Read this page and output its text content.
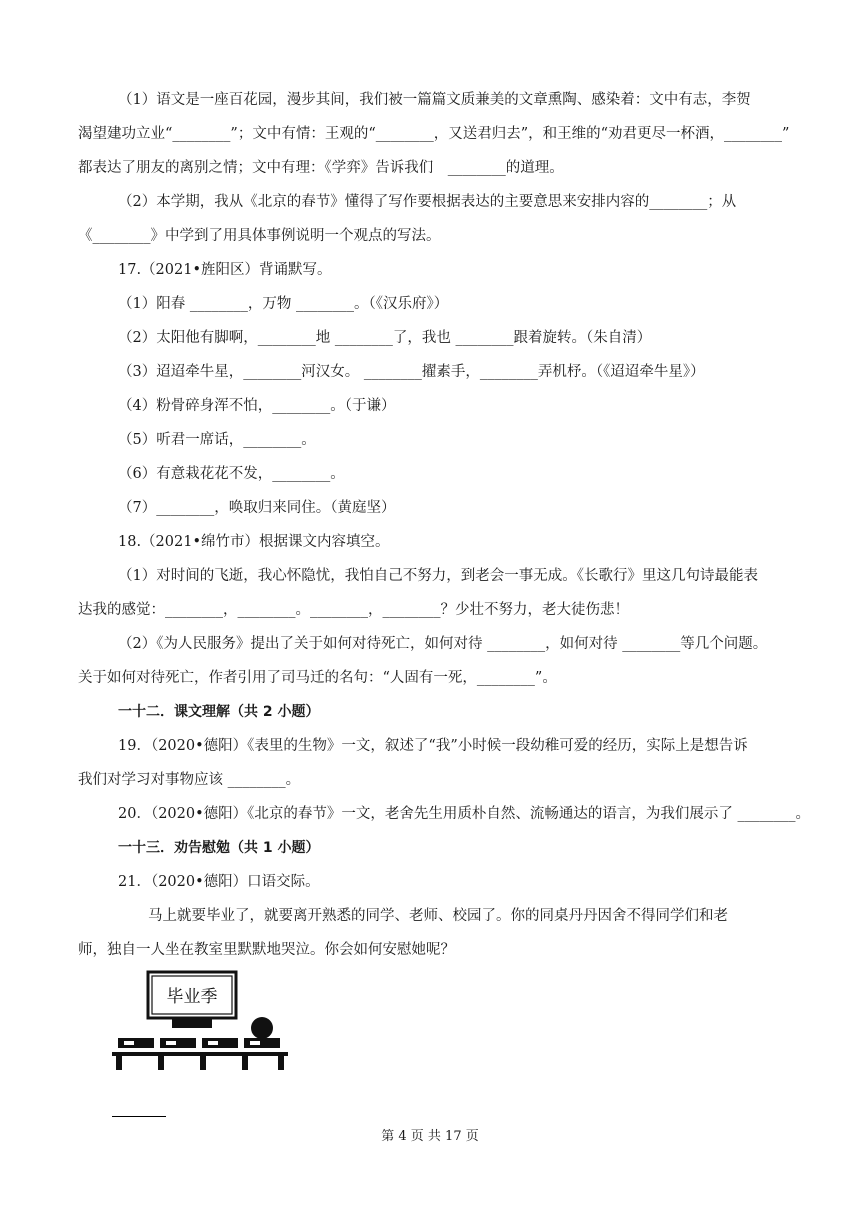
（1）语文是一座百花园，漫步其间，我们被一篇篇文质兼美的文章熏陶、感染着：文中有志，李贺
渴望建功立业“________”；文中有情：王观的“________，又送君归去”，和王维的“劝君更尽一杯酒，________”
都表达了朋友的离别之情；文中有理：《学弈》告诉我们　________的道理。
（2）本学期，我从《北京的春节》懂得了写作要根据表达的主要意思来安排内容的________；从
《________》中学到了用具体事例说明一个观点的写法。
17.（2021•旌阳区）背诵默写。
（1）阳春 ________，万物 ________。（《汉乐府》）
（2）太阳他有脚啊，________地 ________了，我也 ________跟着旋转。（朱自清）
（3）迢迢牵牛星，________河汉女。 ________擢素手，________弄机杼。（《迢迢牵牛星》）
（4）粉骨碎身浑不怕，________。（于谦）
（5）听君一席话，________。
（6）有意栽花花不发，________。
（7）________，唤取归来同住。（黄庭坚）
18.（2021•绵竹市）根据课文内容填空。
（1）对时间的飞逝，我心怀隐忧，我怕自己不努力，到老会一事无成。《长歌行》里这几句诗最能表
达我的感觉：________，________。________，________？少壮不努力，老大徒伤悲！
（2）《为人民服务》提出了关于如何对待死亡，如何对待 ________，如何对待 ________等几个问题。
关于如何对待死亡，作者引用了司马迁的名句：“人固有一死，________”。
一十二．课文理解（共 2 小题）
19．（2020•德阳）《表里的生物》一文，叙述了“我”小时候一段幼稚可爱的经历，实际上是想告诉
我们对学习对事物应该 ________。
20．（2020•德阳）《北京的春节》一文，老舍先生用质朴自然、流畅通达的语言，为我们展示了 ________。
一十三．劝告慰勉（共 1 小题）
21．（2020•德阳）口语交际。
马上就要毕业了，就要离开熟悉的同学、老师、校园了。你的同桌丹丹因舍不得同学们和老
师，独自一人坐在教室里默默地哭泣。你会如何安慰她呢？
毕业季
第 4 页 共 17 页
